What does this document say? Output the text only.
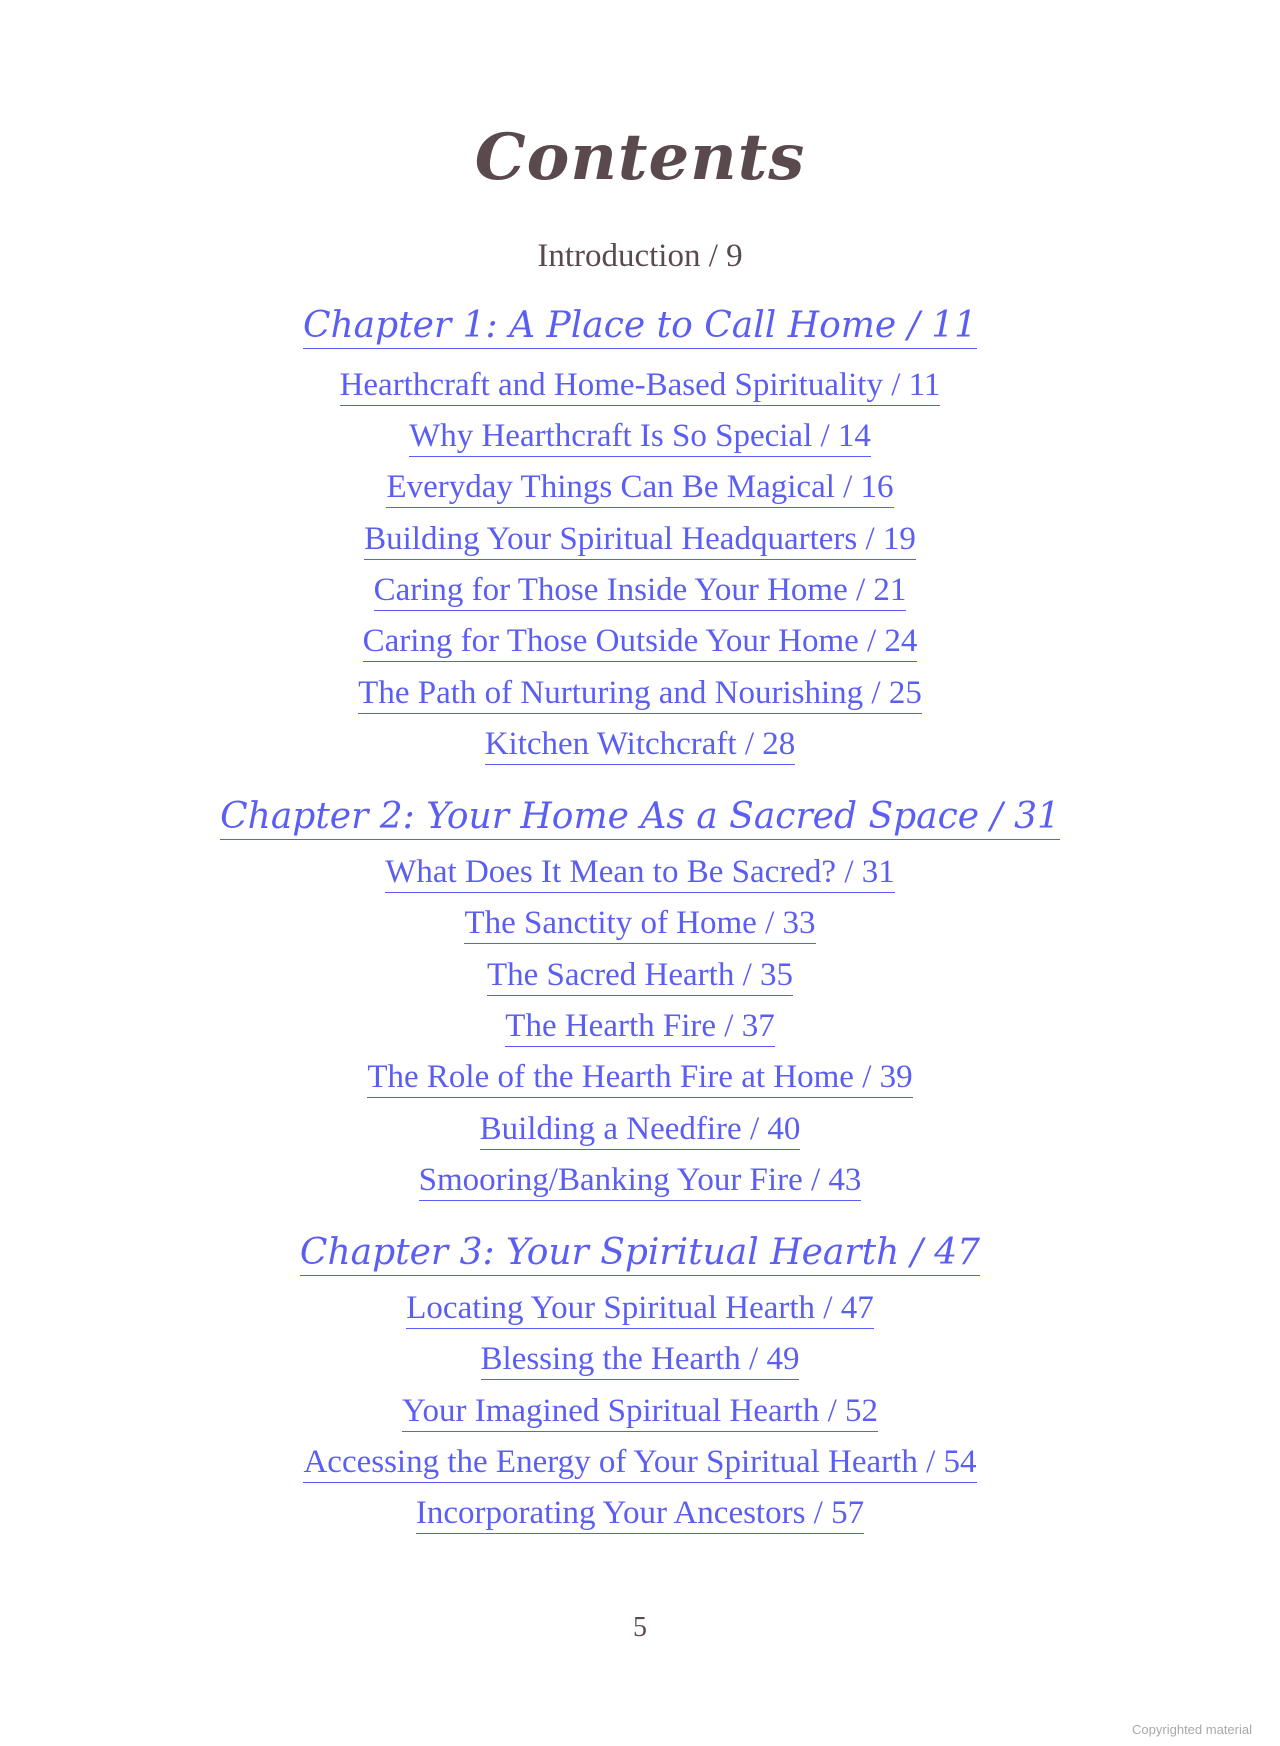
Contents

Introduction / 9

Chapter 1: A Place to Call Home / 11

Hearthcraft and Home-Based Spirituality / 11

Why Hearthcraft Is So Special / 14

Everyday Things Can Be Magical / 16

Building Your Spiritual Headquarters / 19

Caring for Those Inside Your Home / 21

Caring for Those Outside Your Home / 24

The Path of Nurturing and Nourishing / 25

Kitchen Witchcraft / 28

Chapter 2: Your Home As a Sacred Space / 31

What Does It Mean to Be Sacred? / 31

The Sanctity of Home / 33

The Sacred Hearth / 35

The Hearth Fire / 37

The Role of the Hearth Fire at Home / 39

Building a Needfire / 40

Smooring/Banking Your Fire / 43

Chapter 3: Your Spiritual Hearth / 47

Locating Your Spiritual Hearth / 47

Blessing the Hearth / 49

Your Imagined Spiritual Hearth / 52

Accessing the Energy of Your Spiritual Hearth / 54

Incorporating Your Ancestors / 57

5

Copyrighted material
